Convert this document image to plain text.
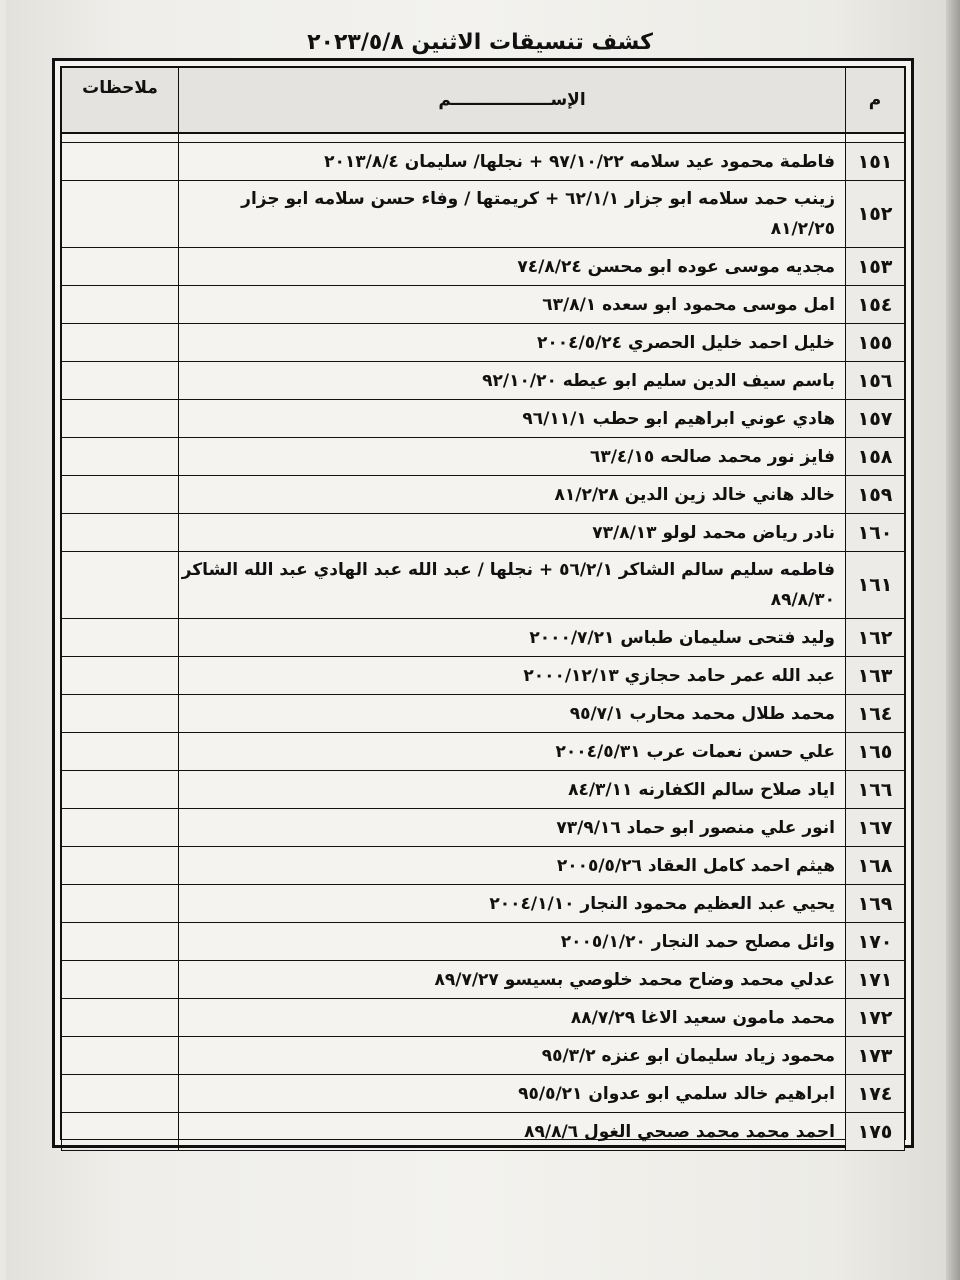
كشف تنسيقات الاثنين ٢٠٢٣/٥/٨
م	الإســـــــــــــــــم	ملاحظات

١٥١	فاطمة محمود عيد سلامه ٩٧/١٠/٢٢ + نجلها/ سليمان ٢٠١٣/٨/٤	
١٥٢	زينب حمد سلامه ابو جزار ٦٢/١/١ + كريمتها / وفاء حسن سلامه ابو جزار ٨١/٢/٢٥	
١٥٣	مجديه موسى عوده ابو محسن ٧٤/٨/٢٤	
١٥٤	امل موسى محمود ابو سعده ٦٣/٨/١	
١٥٥	خليل احمد خليل الحصري ٢٠٠٤/٥/٢٤	
١٥٦	باسم سيف الدين سليم ابو عيطه ٩٢/١٠/٢٠	
١٥٧	هادي عوني ابراهيم ابو حطب ٩٦/١١/١	
١٥٨	فايز نور محمد صالحه ٦٣/٤/١٥	
١٥٩	خالد هاني خالد زين الدين ٨١/٢/٢٨	
١٦٠	نادر رياض محمد لولو ٧٣/٨/١٣	
١٦١	فاطمه سليم سالم الشاكر ٥٦/٢/١ + نجلها / عبد الله عبد الهادي عبد الله الشاكر ٨٩/٨/٣٠	
١٦٢	وليد فتحى سليمان طباس ٢٠٠٠/٧/٢١	
١٦٣	عبد الله عمر حامد حجازي ٢٠٠٠/١٢/١٣	
١٦٤	محمد طلال محمد محارب ٩٥/٧/١	
١٦٥	علي حسن نعمات عرب ٢٠٠٤/٥/٣١	
١٦٦	اياد صلاح سالم الكفارنه ٨٤/٣/١١	
١٦٧	انور علي منصور ابو حماد ٧٣/٩/١٦	
١٦٨	هيثم احمد كامل العقاد ٢٠٠٥/٥/٢٦	
١٦٩	يحيي عبد العظيم محمود النجار ٢٠٠٤/١/١٠	
١٧٠	وائل مصلح حمد النجار ٢٠٠٥/١/٢٠	
١٧١	عدلي محمد وضاح محمد خلوصي بسيسو ٨٩/٧/٢٧	
١٧٢	محمد مامون سعيد الاغا ٨٨/٧/٢٩	
١٧٣	محمود زياد سليمان ابو عنزه ٩٥/٣/٢	
١٧٤	ابراهيم خالد سلمي ابو عدوان ٩٥/٥/٢١	
١٧٥	احمد محمد محمد صبحي الغول ٨٩/٨/٦	
